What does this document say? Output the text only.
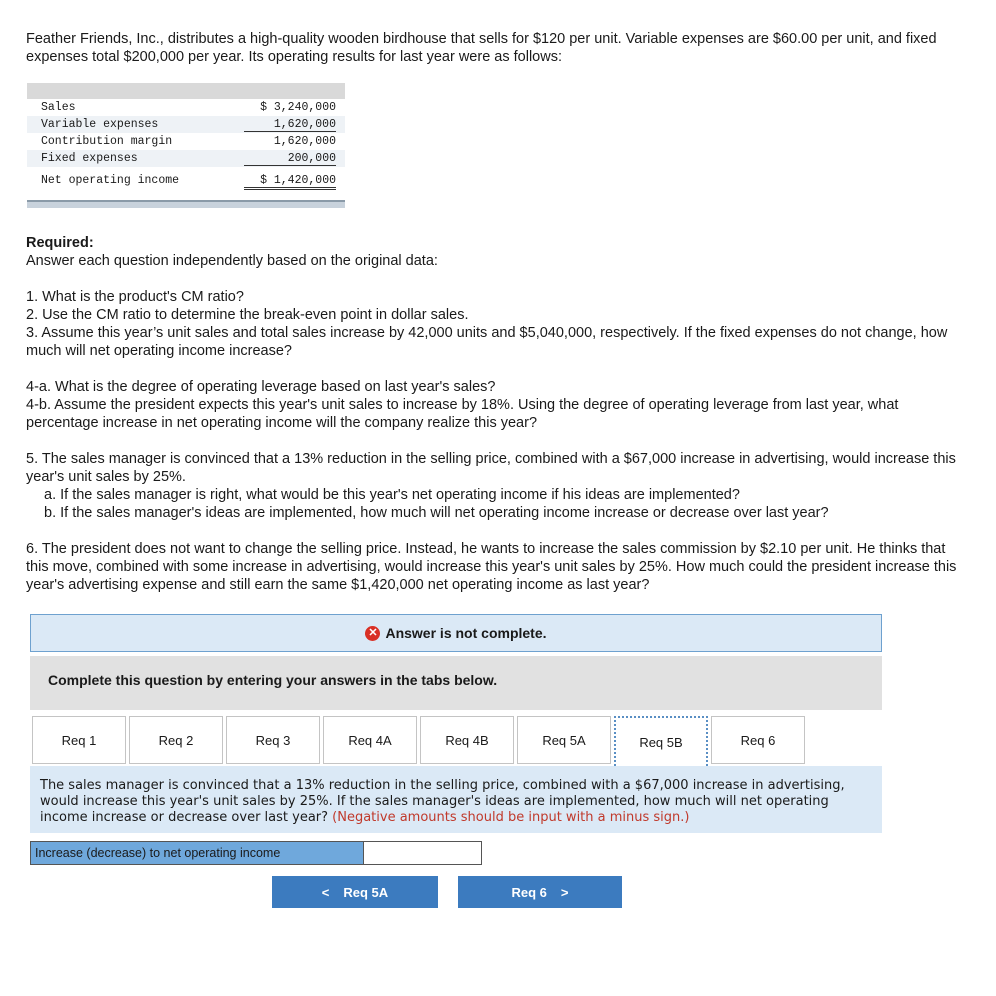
Feather Friends, Inc., distributes a high-quality wooden birdhouse that sells for $120 per unit. Variable expenses are $60.00 per unit, and fixed expenses total $200,000 per year. Its operating results for last year were as follows:

Sales	$ 3,240,000
Variable expenses	1,620,000
Contribution margin	1,620,000
Fixed expenses	200,000
Net operating income	$ 1,420,000

Required:

Answer each question independently based on the original data:

1. What is the product's CM ratio?

2. Use the CM ratio to determine the break-even point in dollar sales.

3. Assume this year’s unit sales and total sales increase by 42,000 units and $5,040,000, respectively. If the fixed expenses do not change, how much will net operating income increase?

4-a. What is the degree of operating leverage based on last year's sales?

4-b. Assume the president expects this year's unit sales to increase by 18%. Using the degree of operating leverage from last year, what percentage increase in net operating income will the company realize this year?

5. The sales manager is convinced that a 13% reduction in the selling price, combined with a $67,000 increase in advertising, would increase this year's unit sales by 25%.

a. If the sales manager is right, what would be this year's net operating income if his ideas are implemented?

b. If the sales manager's ideas are implemented, how much will net operating income increase or decrease over last year?

6. The president does not want to change the selling price. Instead, he wants to increase the sales commission by $2.10 per unit. He thinks that this move, combined with some increase in advertising, would increase this year's unit sales by 25%. How much could the president increase this year's advertising expense and still earn the same $1,420,000 net operating income as last year?

✕ Answer is not complete.
Complete this question by entering your answers in the tabs below.
Req 1	Req 2	Req 3	Req 4A	Req 4B	Req 5A	Req 5B	Req 6

The sales manager is convinced that a 13% reduction in the selling price, combined with a $67,000 increase in advertising, would increase this year's unit sales by 25%. If the sales manager's ideas are implemented, how much will net operating income increase or decrease over last year? (Negative amounts should be input with a minus sign.)

Increase (decrease) to net operating income
< Req 5A	Req 6 >
